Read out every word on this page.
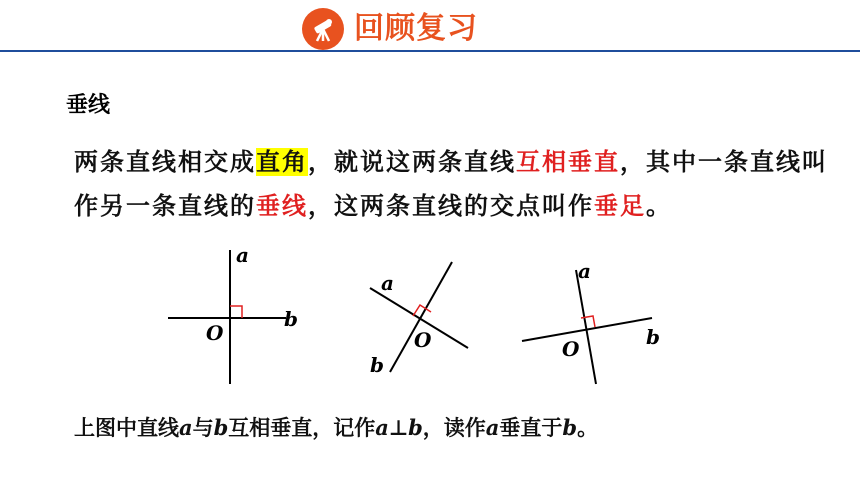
回顾复习
垂线
两条直线相交成直角，就说这两条直线互相垂直，其中一条直线叫作另一条直线的垂线，这两条直线的交点叫作垂足。
a
b
O
a
b
O
a
b
O
上图中直线a与b互相垂直，记作a⊥b，读作a垂直于b。
